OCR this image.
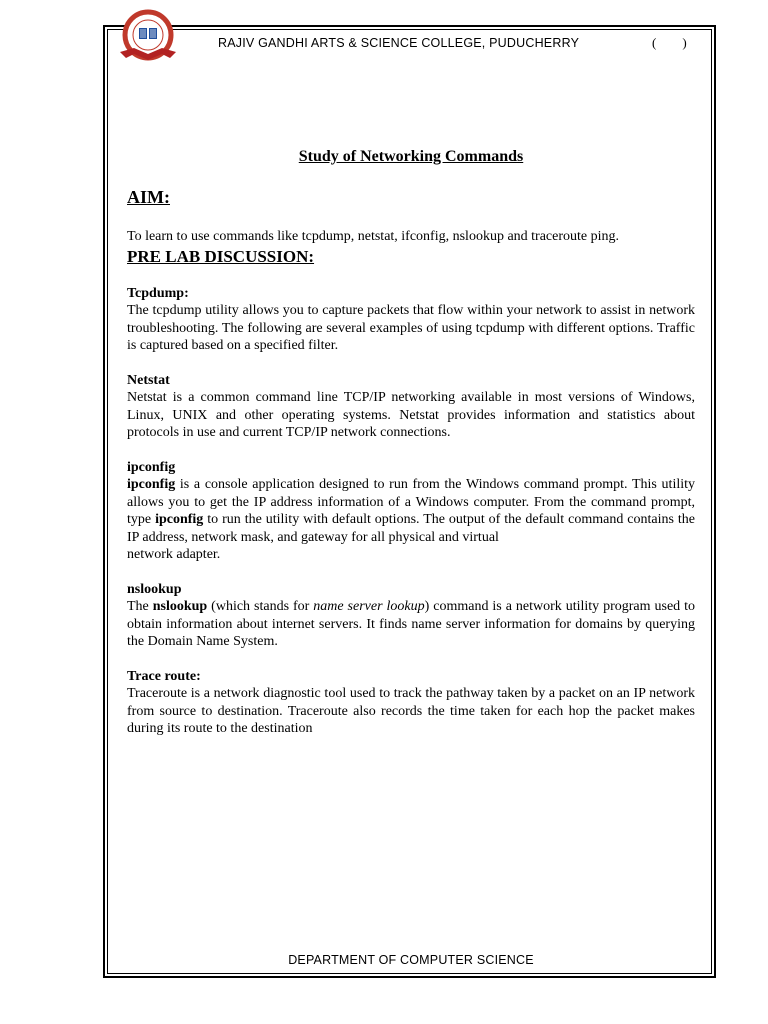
RAJIV GANDHI ARTS & SCIENCE COLLEGE, PUDUCHERRY	(        )
Study of Networking Commands
AIM:

To learn to use commands like tcpdump, netstat, ifconfig, nslookup and traceroute ping.

PRE LAB DISCUSSION:
Tcpdump:

The tcpdump utility allows you to capture packets that flow within your network to assist in network troubleshooting. The following are several examples of using tcpdump with different options. Traffic is captured based on a specified filter.

Netstat

Netstat is a common command line TCP/IP networking available in most versions of Windows, Linux, UNIX and other operating systems. Netstat provides information and statistics about protocols in use and current TCP/IP network connections.

ipconfig

ipconfig is a console application designed to run from the Windows command prompt. This utility allows you to get the IP address information of a Windows computer. From the command prompt, type ipconfig to run the utility with default options. The output of the default command contains the IP address, network mask, and gateway for all physical and virtual

network adapter.

nslookup

The nslookup (which stands for name server lookup) command is a network utility program used to obtain information about internet servers. It finds name server information for domains by querying the Domain Name System.

Trace route:

Traceroute is a network diagnostic tool used to track the pathway taken by a packet on an IP network from source to destination. Traceroute also records the time taken for each hop the packet makes during its route to the destination

DEPARTMENT OF COMPUTER SCIENCE
